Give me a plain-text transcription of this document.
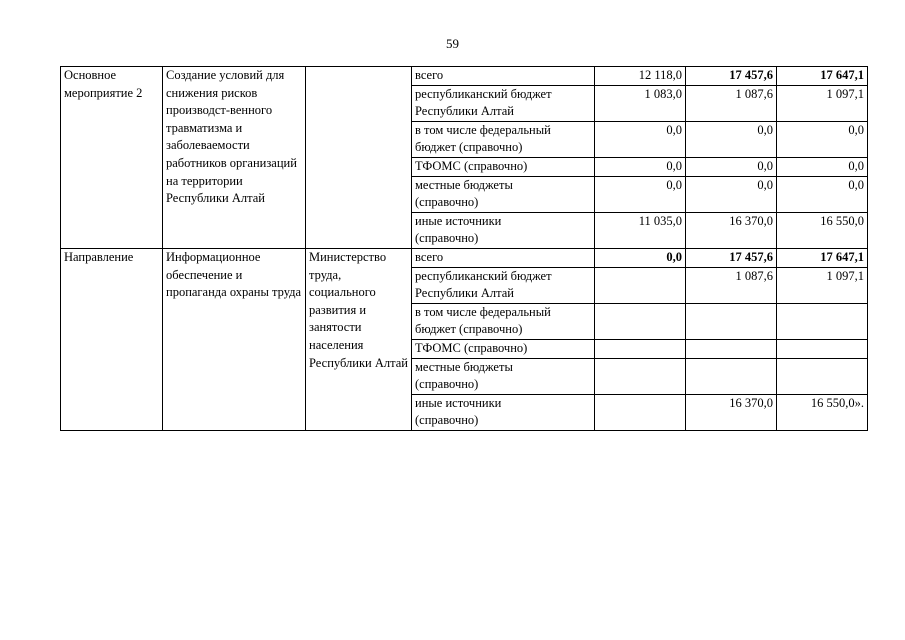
59
Основное мероприятие 2	Создание условий для снижения рисков производст-венного травматизма и заболеваемости работников организаций на территории Республики Алтай		всего	12 118,0	17 457,6	17 647,1

			республиканский бюджет
Республики Алтай	1 083,0	1 087,6	1 097,1

			в том числе федеральный
бюджет (справочно)	0,0	0,0	0,0

			ТФОМС (справочно)	0,0	0,0	0,0

			местные бюджеты
(справочно)	0,0	0,0	0,0

			иные источники
(справочно)	11 035,0	16 370,0	16 550,0
Направление	Информационное обеспечение и пропаганда охраны труда	Министерство труда, социального развития и занятости населения Республики Алтай	всего	0,0	17 457,6	17 647,1

			республиканский бюджет
Республики Алтай		1 087,6	1 097,1

			в том числе федеральный
бюджет (справочно)			

			ТФОМС (справочно)			

			местные бюджеты
(справочно)			

			иные источники
(справочно)		16 370,0	16 550,0».
